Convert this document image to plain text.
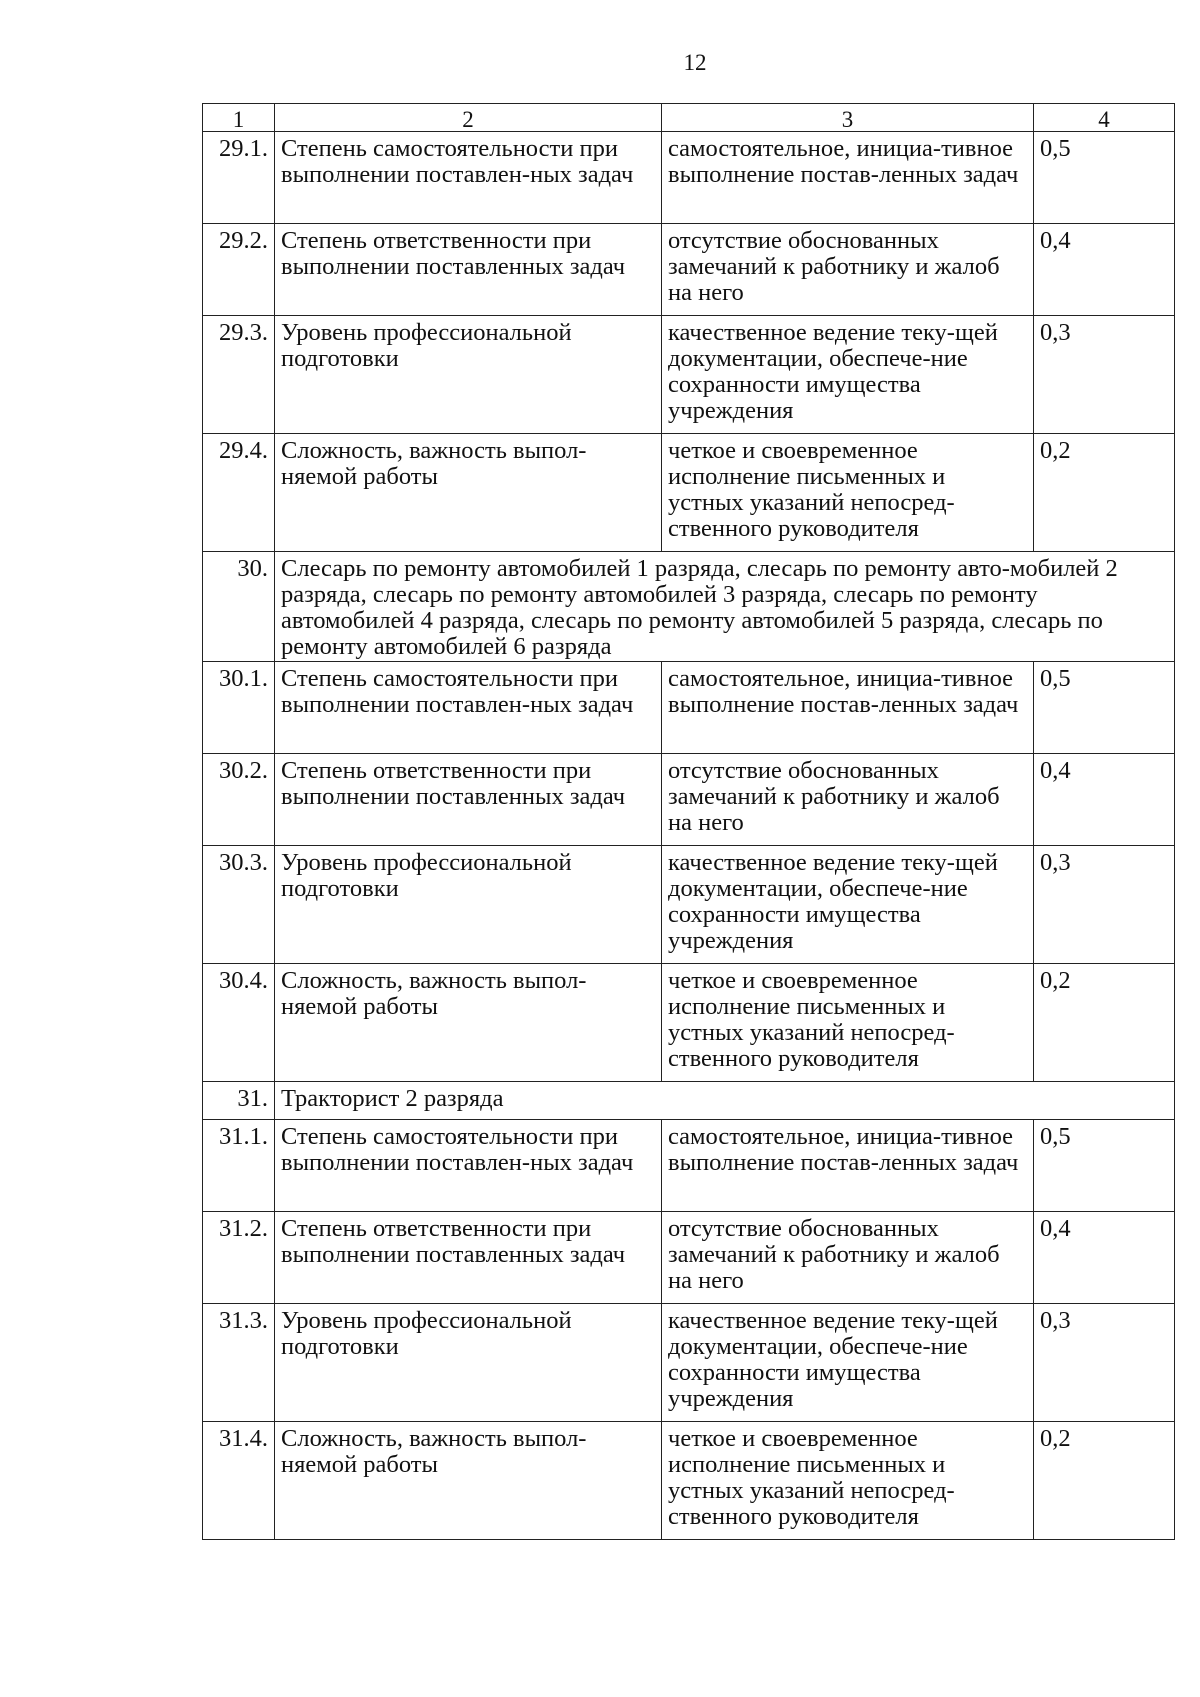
12
1	2	3	4
29.1.	Степень самостоятельности при выполнении поставлен-ных задач	самостоятельное, инициа-тивное выполнение постав-ленных задач	0,5
29.2.	Степень ответственности при выполнении поставленных задач	отсутствие обоснованных замечаний к работнику и жалоб на него	0,4
29.3.	Уровень профессиональной подготовки	качественное ведение теку-щей документации, обеспече-ние сохранности имущества учреждения	0,3
29.4.	Сложность, важность выпол-няемой работы	четкое и своевременное исполнение письменных и устных указаний непосред-ственного руководителя	0,2
30.	Слесарь по ремонту автомобилей 1 разряда, слесарь по ремонту авто-мобилей 2 разряда, слесарь по ремонту автомобилей 3 разряда, слесарь по ремонту автомобилей 4 разряда, слесарь по ремонту автомобилей 5 разряда, слесарь по ремонту автомобилей 6 разряда		
30.1.	Степень самостоятельности при выполнении поставлен-ных задач	самостоятельное, инициа-тивное выполнение постав-ленных задач	0,5
30.2.	Степень ответственности при выполнении поставленных задач	отсутствие обоснованных замечаний к работнику и жалоб на него	0,4
30.3.	Уровень профессиональной подготовки	качественное ведение теку-щей документации, обеспече-ние сохранности имущества учреждения	0,3
30.4.	Сложность, важность выпол-няемой работы	четкое и своевременное исполнение письменных и устных указаний непосред-ственного руководителя	0,2
31.	Тракторист 2 разряда		
31.1.	Степень самостоятельности при выполнении поставлен-ных задач	самостоятельное, инициа-тивное выполнение постав-ленных задач	0,5
31.2.	Степень ответственности при выполнении поставленных задач	отсутствие обоснованных замечаний к работнику и жалоб на него	0,4
31.3.	Уровень профессиональной подготовки	качественное ведение теку-щей документации, обеспече-ние сохранности имущества учреждения	0,3
31.4.	Сложность, важность выпол-няемой работы	четкое и своевременное исполнение письменных и устных указаний непосред-ственного руководителя	0,2
